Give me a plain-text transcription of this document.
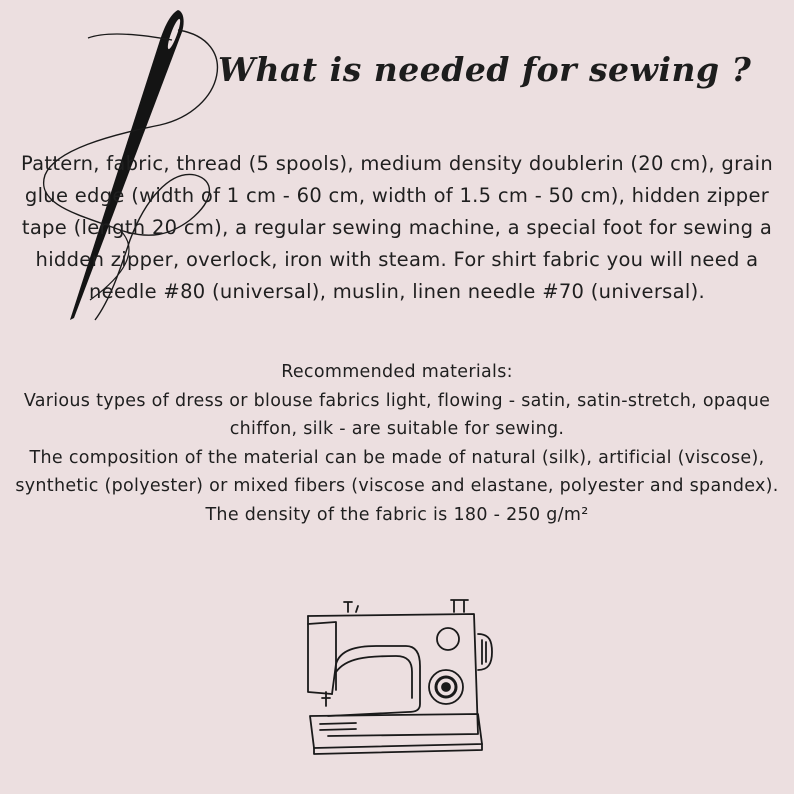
What is needed for sewing ?
Pattern, fabric, thread (5 spools), medium density doublerin (20 cm), grain glue edge (width of 1 cm - 60 cm, width of 1.5 cm - 50 cm), hidden zipper tape (length 20 cm), a regular sewing machine, a special foot for sewing a hidden zipper, overlock, iron with steam. For shirt fabric you will need a needle #80 (universal), muslin, linen needle #70 (universal).

Recommended materials:

Various types of dress or blouse fabrics light, flowing - satin, satin-stretch, opaque chiffon, silk - are suitable for sewing.

The composition of the material can be made of natural (silk), artificial (viscose), synthetic (polyester) or mixed fibers (viscose and elastane, polyester and spandex).

The density of the fabric is 180 - 250 g/m²
